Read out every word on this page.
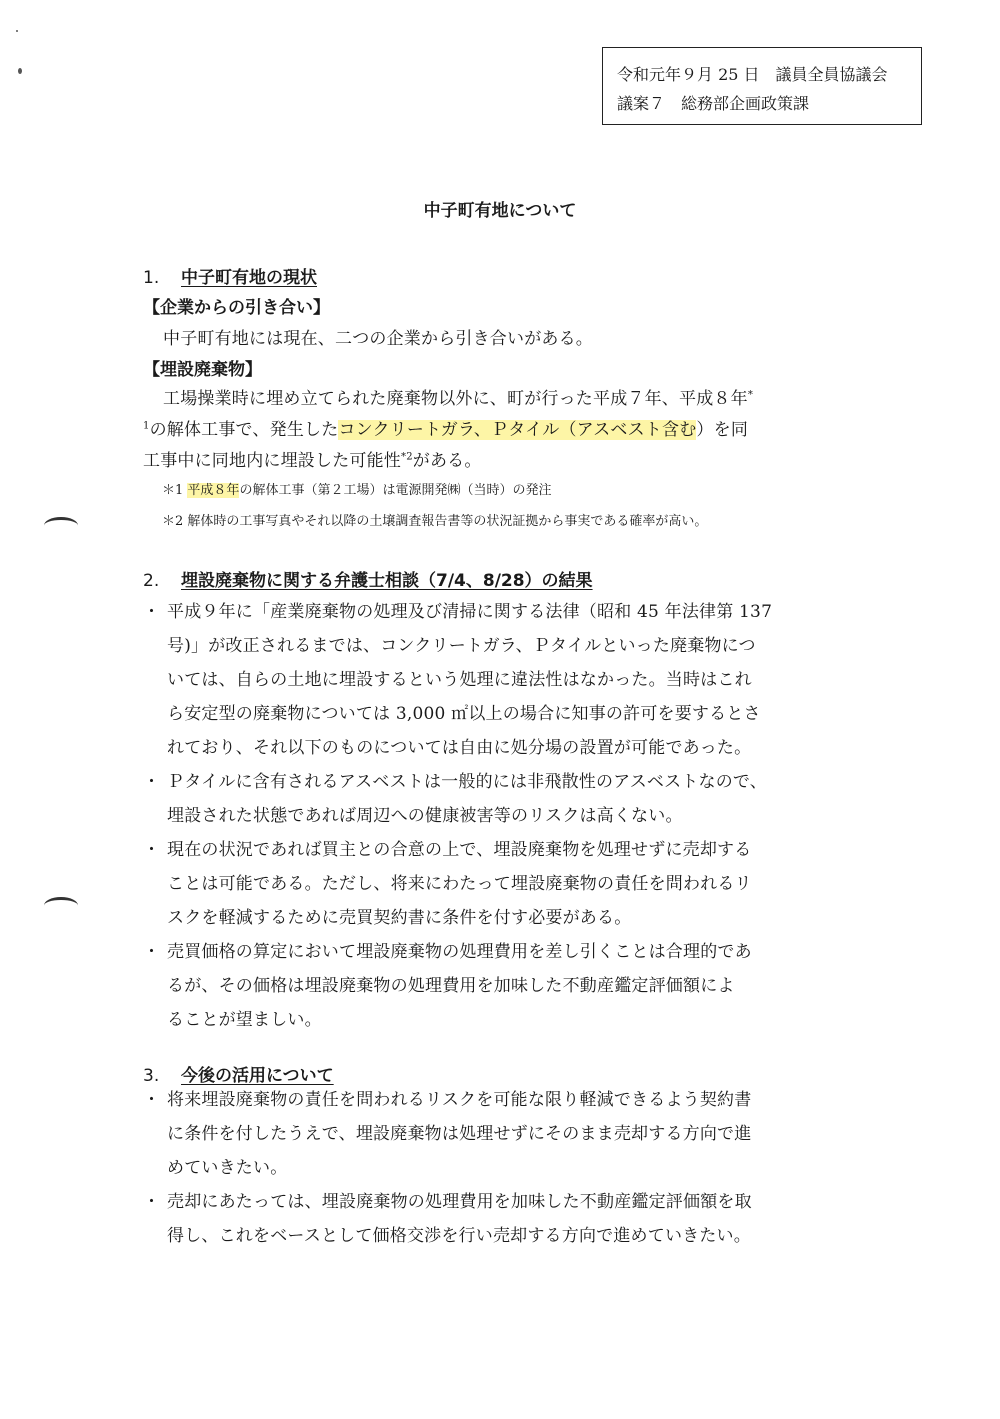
令和元年９月 25 日　議員全員協議会
議案７　総務部企画政策課
中子町有地について
1. 中子町有地の現状
【企業からの引き合い】
中子町有地には現在、二つの企業から引き合いがある。
【埋設廃棄物】
工場操業時に埋め立てられた廃棄物以外に、町が行った平成７年、平成８年*
$^1$の解体工事で、発生したコンクリートガラ、Ｐタイル（アスベスト含む）を同
工事中に同地内に埋設した可能性$^{*2}$がある。
＊1 平成８年の解体工事（第２工場）は電源開発㈱（当時）の発注
＊2 解体時の工事写真やそれ以降の土壌調査報告書等の状況証拠から事実である確率が高い。
2. 埋設廃棄物に関する弁護士相談（7/4、8/28）の結果
・ 平成９年に「産業廃棄物の処理及び清掃に関する法律（昭和 45 年法律第 137
号)」が改正されるまでは、コンクリートガラ、Ｐタイルといった廃棄物につ
いては、自らの土地に埋設するという処理に違法性はなかった。当時はこれ
ら安定型の廃棄物については 3,000 ㎡以上の場合に知事の許可を要するとさ
れており、それ以下のものについては自由に処分場の設置が可能であった。
・ Ｐタイルに含有されるアスベストは一般的には非飛散性のアスベストなので、
埋設された状態であれば周辺への健康被害等のリスクは高くない。
・ 現在の状況であれば買主との合意の上で、埋設廃棄物を処理せずに売却する
ことは可能である。ただし、将来にわたって埋設廃棄物の責任を問われるリ
スクを軽減するために売買契約書に条件を付す必要がある。
・ 売買価格の算定において埋設廃棄物の処理費用を差し引くことは合理的であ
るが、その価格は埋設廃棄物の処理費用を加味した不動産鑑定評価額によ
ることが望ましい。
3. 今後の活用について
・ 将来埋設廃棄物の責任を問われるリスクを可能な限り軽減できるよう契約書
に条件を付したうえで、埋設廃棄物は処理せずにそのまま売却する方向で進
めていきたい。
・ 売却にあたっては、埋設廃棄物の処理費用を加味した不動産鑑定評価額を取
得し、これをベースとして価格交渉を行い売却する方向で進めていきたい。
